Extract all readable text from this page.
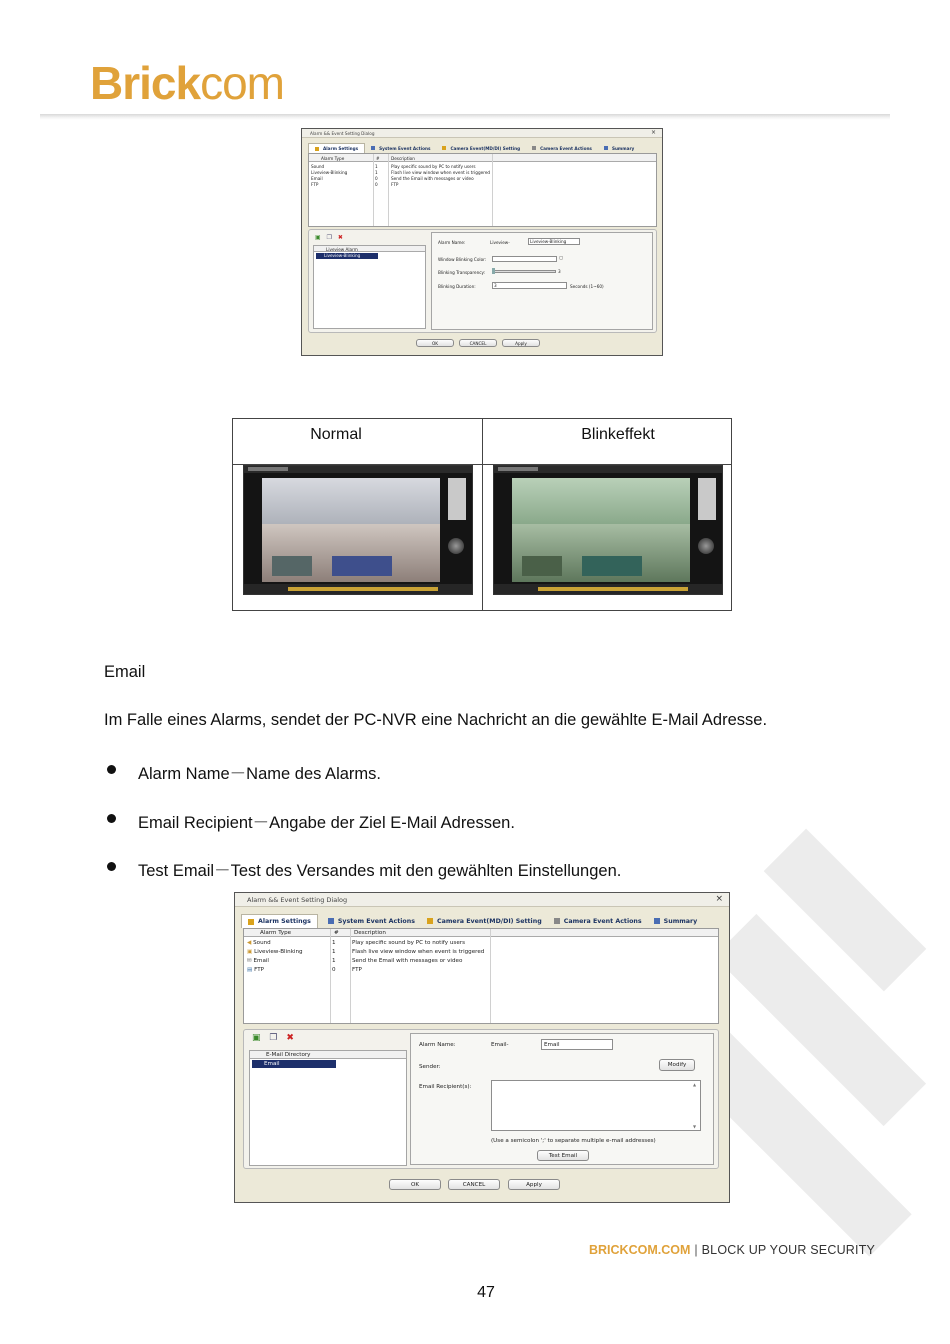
Brickcom
Alarm && Event Setting Dialog	×
Alarm Settings	System Event Actions	Camera Event(MD/DI) Setting	Camera Event Actions	Summary
Alarm Type	#	Description
Sound	1	Play specific sound by PC to notify users
Liveview-Blinking	1	Flash live view window when event is triggered
Email	0	Send the Email with messages or video
FTP	0	FTP
▣ ❐ ✖
Liveview Alarm
Liveview-Blinking
Alarm Name:	Liveview-	Liveview-Blinking
Window Blinking Color:	▢
Blinking Transparency:	3
Blinking Duration:	3	Seconds (1~60)
OK	CANCEL	Apply
Normal	Blinkeffekt
Email
Im Falle eines Alarms, sendet der PC-NVR eine Nachricht an die gewählte E-Mail Adresse.
Alarm Name－Name des Alarms.
Email Recipient－Angabe der Ziel E-Mail Adressen.
Test Email－Test des Versandes mit den gewählten Einstellungen.
Alarm && Event Setting Dialog	×
Alarm Settings	System Event Actions	Camera Event(MD/DI) Setting	Camera Event Actions	Summary
Alarm Type	#	Description
◀ Sound	1	Play specific sound by PC to notify users
▣ Liveview-Blinking	1	Flash live view window when event is triggered
✉ Email	1	Send the Email with messages or video
▤ FTP	0	FTP
▣ ❐ ✖
E-Mail Directory
Email
Alarm Name:	Email-	Email
Sender:	Modify
Email Recipient(s):	▲
▼
(Use a semicolon ';' to separate multiple e-mail addresses)
Test Email
OK	CANCEL	Apply
BRICKCOM.COM | BLOCK UP YOUR SECURITY
47
